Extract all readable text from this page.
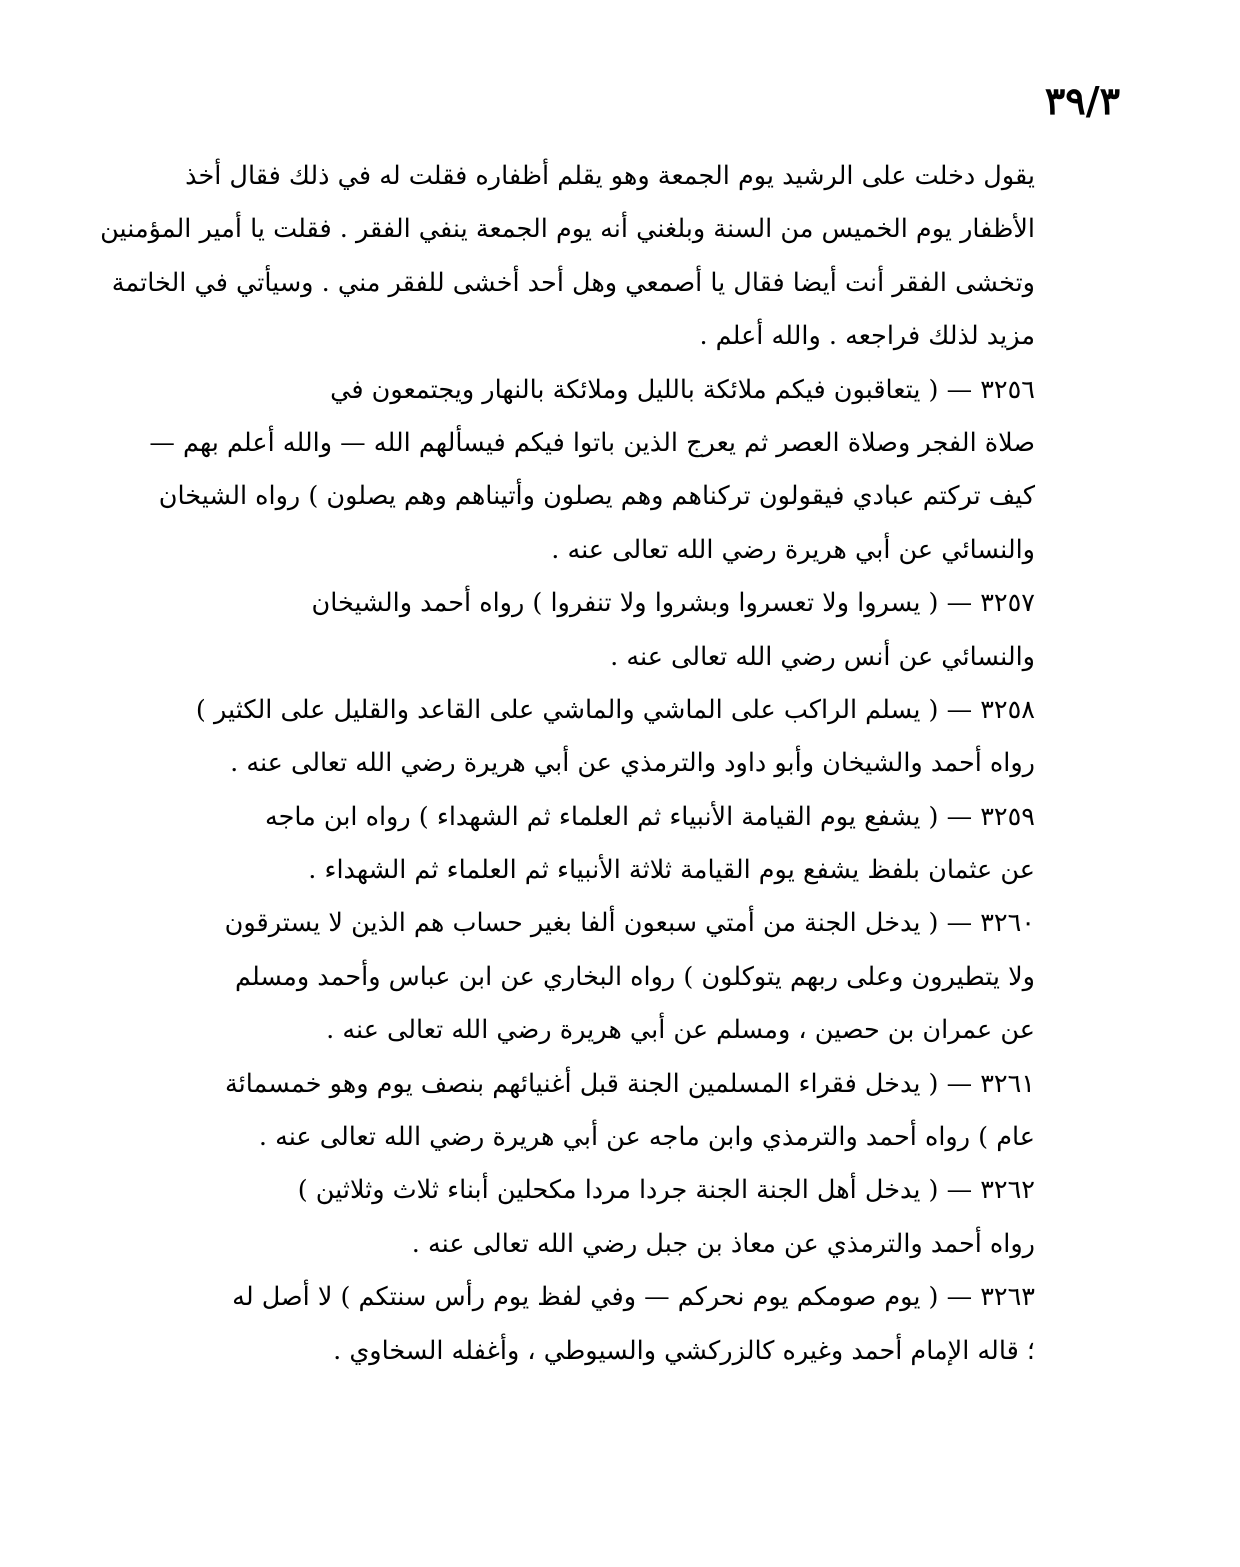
٣٩/٣
يقول دخلت على الرشيد يوم الجمعة وهو يقلم أظفاره فقلت له في ذلك فقال أخذ
الأظفار يوم الخميس من السنة وبلغني أنه يوم الجمعة ينفي الفقر . فقلت يا أمير المؤمنين
وتخشى الفقر أنت أيضا فقال يا أصمعي وهل أحد أخشى للفقر مني . وسيأتي في الخاتمة
مزيد لذلك فراجعه . والله أعلم .
٣٢٥٦ — ( يتعاقبون فيكم ملائكة بالليل وملائكة بالنهار ويجتمعون في
صلاة الفجر وصلاة العصر ثم يعرج الذين باتوا فيكم فيسألهم الله — والله أعلم بهم —
كيف تركتم عبادي فيقولون تركناهم وهم يصلون وأتيناهم وهم يصلون ) رواه الشيخان
والنسائي عن أبي هريرة رضي الله تعالى عنه .
٣٢٥٧ — ( يسروا ولا تعسروا وبشروا ولا تنفروا ) رواه أحمد والشيخان
والنسائي عن أنس رضي الله تعالى عنه .
٣٢٥٨ — ( يسلم الراكب على الماشي والماشي على القاعد والقليل على الكثير )
رواه أحمد والشيخان وأبو داود والترمذي عن أبي هريرة رضي الله تعالى عنه .
٣٢٥٩ — ( يشفع يوم القيامة الأنبياء ثم العلماء ثم الشهداء ) رواه ابن ماجه
عن عثمان بلفظ يشفع يوم القيامة ثلاثة الأنبياء ثم العلماء ثم الشهداء .
٣٢٦٠ — ( يدخل الجنة من أمتي سبعون ألفا بغير حساب هم الذين لا يسترقون
ولا يتطيرون وعلى ربهم يتوكلون ) رواه البخاري عن ابن عباس وأحمد ومسلم
عن عمران بن حصين ، ومسلم عن أبي هريرة رضي الله تعالى عنه .
٣٢٦١ — ( يدخل فقراء المسلمين الجنة قبل أغنيائهم بنصف يوم وهو خمسمائة
عام ) رواه أحمد والترمذي وابن ماجه عن أبي هريرة رضي الله تعالى عنه .
٣٢٦٢ — ( يدخل أهل الجنة الجنة جردا مردا مكحلين أبناء ثلاث وثلاثين )
رواه أحمد والترمذي عن معاذ بن جبل رضي الله تعالى عنه .
٣٢٦٣ — ( يوم صومكم يوم نحركم — وفي لفظ يوم رأس سنتكم ) لا أصل له
؛ قاله الإمام أحمد وغيره كالزركشي والسيوطي ، وأغفله السخاوي .
